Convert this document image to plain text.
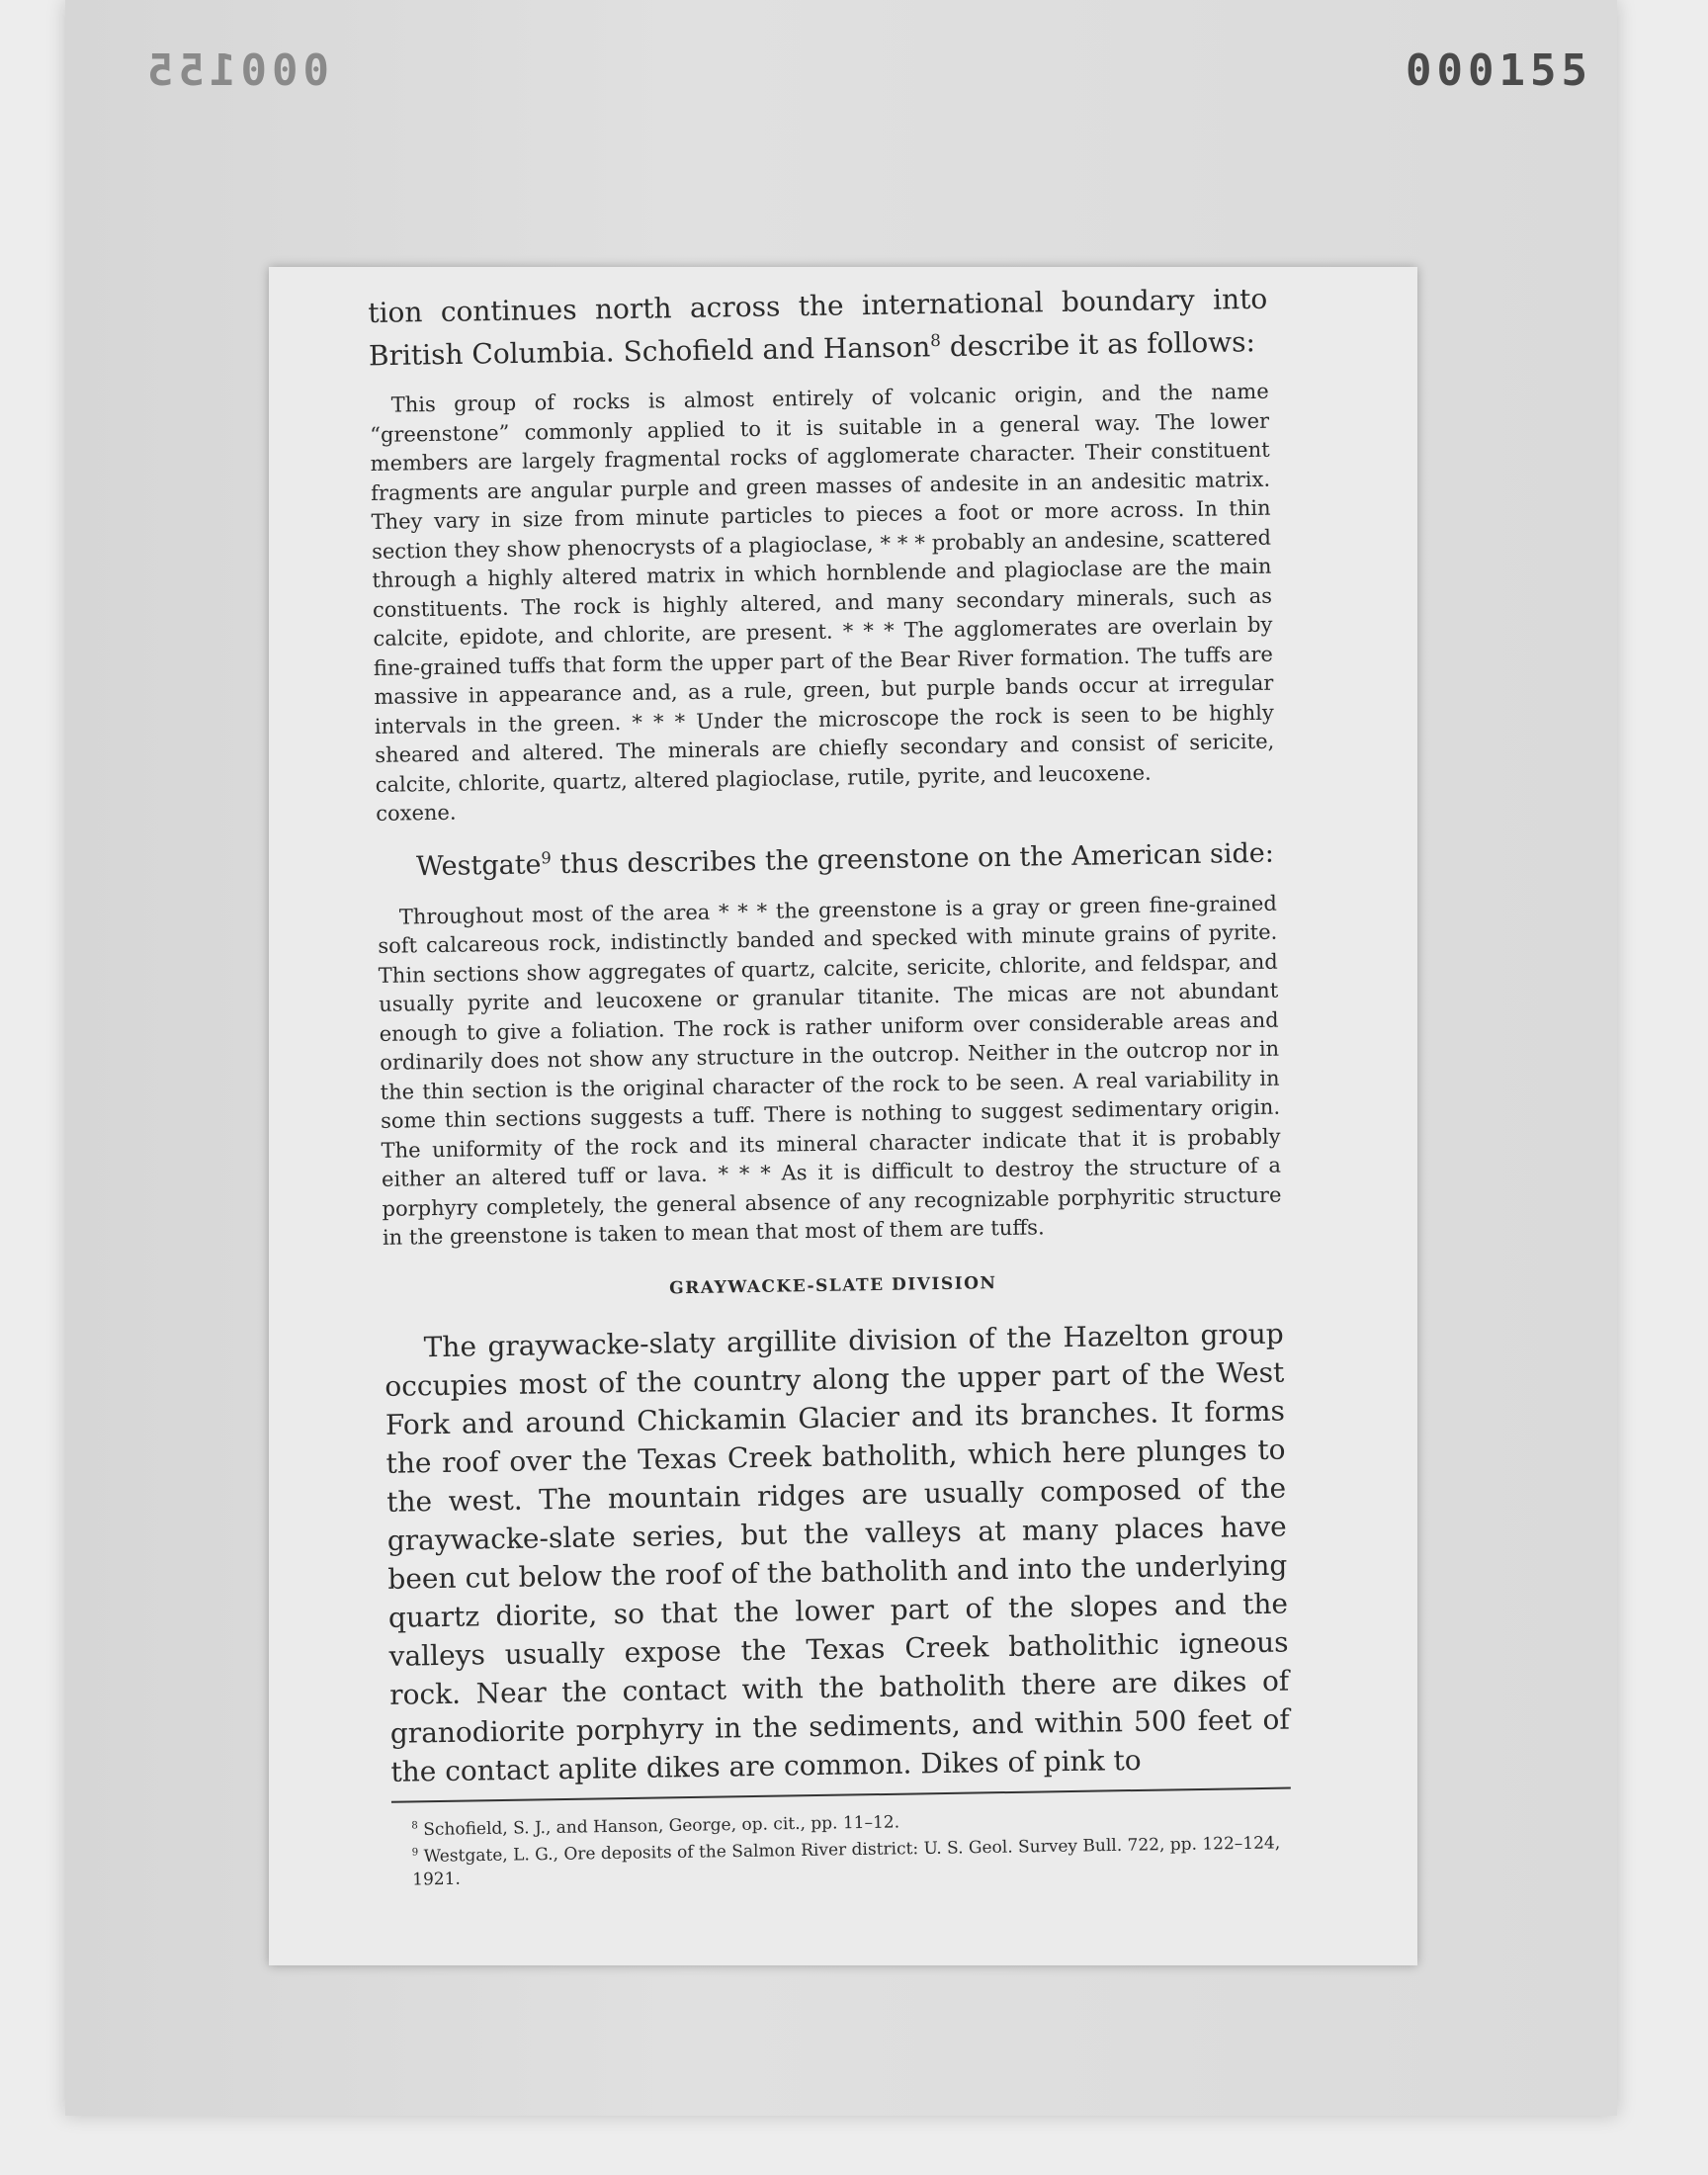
000155	000155

tion continues north across the international boundary into British Columbia. Schofield and Hanson$^8$ describe it as follows:

This group of rocks is almost entirely of volcanic origin, and the name “greenstone” commonly applied to it is suitable in a general way. The lower members are largely fragmental rocks of agglomerate character. Their constituent fragments are angular purple and green masses of andesite in an andesitic matrix. They vary in size from minute particles to pieces a foot or more across. In thin section they show phenocrysts of a plagioclase, * * * probably an andesine, scattered through a highly altered matrix in which hornblende and plagioclase are the main constituents. The rock is highly altered, and many secondary minerals, such as calcite, epidote, and chlorite, are present. * * * The agglomerates are overlain by fine-grained tuffs that form the upper part of the Bear River formation. The tuffs are massive in appearance and, as a rule, green, but purple bands occur at irregular intervals in the green. * * * Under the microscope the rock is seen to be highly sheared and altered. The minerals are chiefly secondary and consist of sericite, calcite, chlorite, quartz, altered plagioclase, rutile, pyrite, and leucoxene.
coxene.

Westgate$^9$ thus describes the greenstone on the American side:

Throughout most of the area * * * the greenstone is a gray or green fine-grained soft calcareous rock, indistinctly banded and specked with minute grains of pyrite. Thin sections show aggregates of quartz, calcite, sericite, chlorite, and feldspar, and usually pyrite and leucoxene or granular titanite. The micas are not abundant enough to give a foliation. The rock is rather uniform over considerable areas and ordinarily does not show any structure in the outcrop. Neither in the outcrop nor in the thin section is the original character of the rock to be seen. A real variability in some thin sections suggests a tuff. There is nothing to suggest sedimentary origin. The uniformity of the rock and its mineral character indicate that it is probably either an altered tuff or lava. * * * As it is difficult to destroy the structure of a porphyry completely, the general absence of any recognizable porphyritic structure in the greenstone is taken to mean that most of them are tuffs.

GRAYWACKE-SLATE DIVISION

The graywacke-slaty argillite division of the Hazelton group occupies most of the country along the upper part of the West Fork and around Chickamin Glacier and its branches. It forms the roof over the Texas Creek batholith, which here plunges to the west. The mountain ridges are usually composed of the graywacke-slate series, but the valleys at many places have been cut below the roof of the batholith and into the underlying quartz diorite, so that the lower part of the slopes and the valleys usually expose the Texas Creek batholithic igneous rock. Near the contact with the batholith there are dikes of granodiorite porphyry in the sediments, and within 500 feet of the contact aplite dikes are common. Dikes of pink to

$^8$ Schofield, S. J., and Hanson, George, op. cit., pp. 11–12.

$^9$ Westgate, L. G., Ore deposits of the Salmon River district: U. S. Geol. Survey Bull. 722, pp. 122–124, 1921.
